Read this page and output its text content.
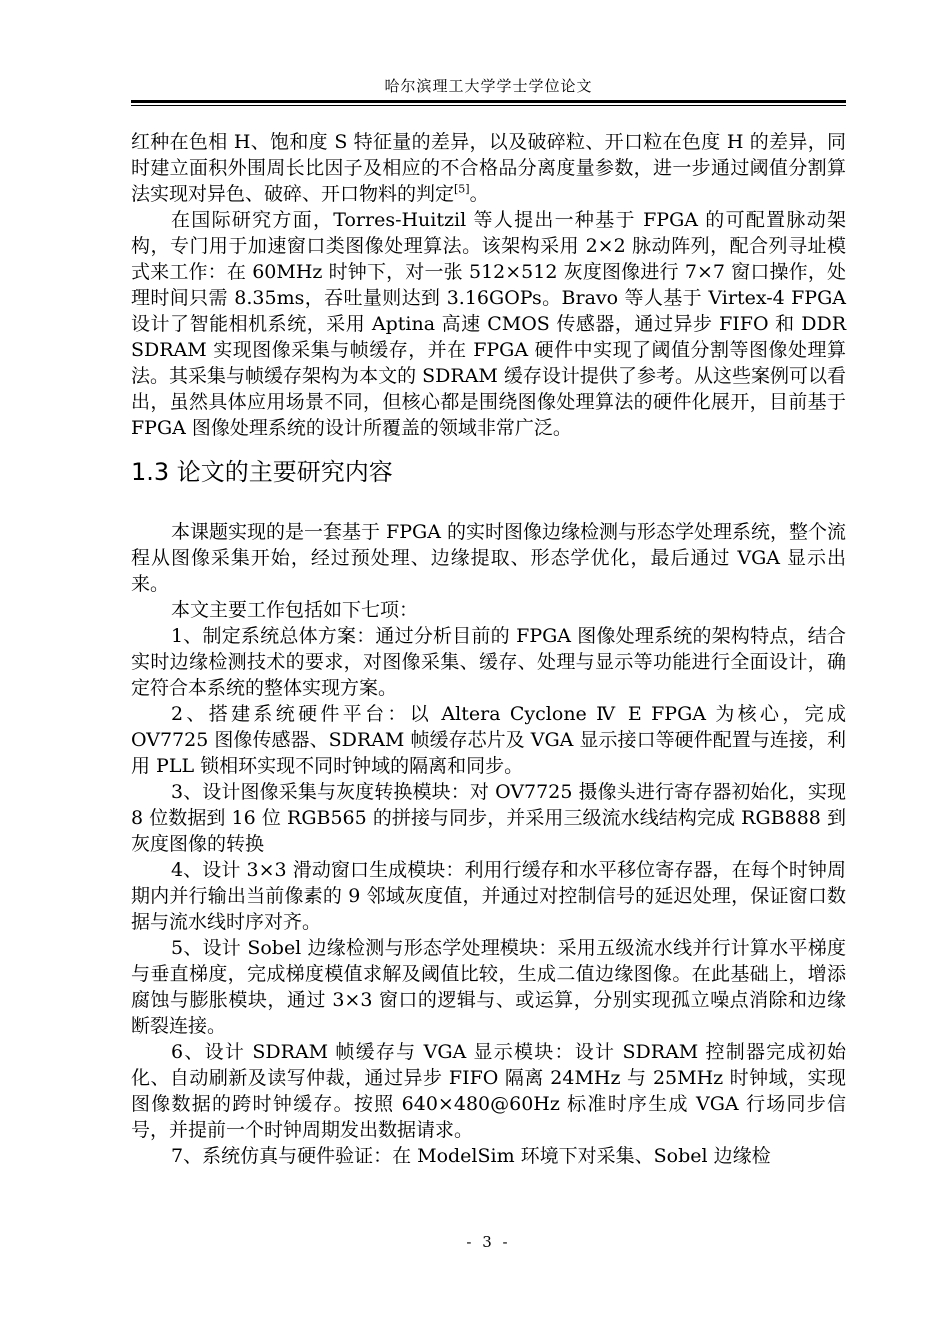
哈尔滨理工大学学士学位论文

红种在色相 H、饱和度 S 特征量的差异，以及破碎粒、开口粒在色度 H 的差异，同时建立面积外围周长比因子及相应的不合格品分离度量参数，进一步通过阈值分割算法实现对异色、破碎、开口物料的判定[5]。

在国际研究方面，Torres-Huitzil 等人提出一种基于 FPGA 的可配置脉动架构，专门用于加速窗口类图像处理算法。该架构采用 2×2 脉动阵列，配合列寻址模式来工作：在 60MHz 时钟下，对一张 512×512 灰度图像进行 7×7 窗口操作，处理时间只需 8.35ms，吞吐量则达到 3.16GOPs。Bravo 等人基于 Virtex-4 FPGA 设计了智能相机系统，采用 Aptina 高速 CMOS 传感器，通过异步 FIFO 和 DDR SDRAM 实现图像采集与帧缓存，并在 FPGA 硬件中实现了阈值分割等图像处理算法。其采集与帧缓存架构为本文的 SDRAM 缓存设计提供了参考。从这些案例可以看出，虽然具体应用场景不同，但核心都是围绕图像处理算法的硬件化展开，目前基于 FPGA 图像处理系统的设计所覆盖的领域非常广泛。

1.3 论文的主要研究内容

本课题实现的是一套基于 FPGA 的实时图像边缘检测与形态学处理系统，整个流程从图像采集开始，经过预处理、边缘提取、形态学优化，最后通过 VGA 显示出来。

本文主要工作包括如下七项：

1、制定系统总体方案：通过分析目前的 FPGA 图像处理系统的架构特点，结合实时边缘检测技术的要求，对图像采集、缓存、处理与显示等功能进行全面设计，确定符合本系统的整体实现方案。

2、搭建系统硬件平台：以 Altera Cyclone Ⅳ E FPGA 为核心，完成 OV7725 图像传感器、SDRAM 帧缓存芯片及 VGA 显示接口等硬件配置与连接，利用 PLL 锁相环实现不同时钟域的隔离和同步。

3、设计图像采集与灰度转换模块：对 OV7725 摄像头进行寄存器初始化，实现 8 位数据到 16 位 RGB565 的拼接与同步，并采用三级流水线结构完成 RGB888 到灰度图像的转换

4、设计 3×3 滑动窗口生成模块：利用行缓存和水平移位寄存器，在每个时钟周期内并行输出当前像素的 9 邻域灰度值，并通过对控制信号的延迟处理，保证窗口数据与流水线时序对齐。

5、设计 Sobel 边缘检测与形态学处理模块：采用五级流水线并行计算水平梯度与垂直梯度，完成梯度模值求解及阈值比较，生成二值边缘图像。在此基础上，增添腐蚀与膨胀模块，通过 3×3 窗口的逻辑与、或运算，分别实现孤立噪点消除和边缘断裂连接。

6、设计 SDRAM 帧缓存与 VGA 显示模块：设计 SDRAM 控制器完成初始化、自动刷新及读写仲裁，通过异步 FIFO 隔离 24MHz 与 25MHz 时钟域，实现图像数据的跨时钟缓存。按照 640×480@60Hz 标准时序生成 VGA 行场同步信号，并提前一个时钟周期发出数据请求。

7、系统仿真与硬件验证：在 ModelSim 环境下对采集、Sobel 边缘检

- 3 -
